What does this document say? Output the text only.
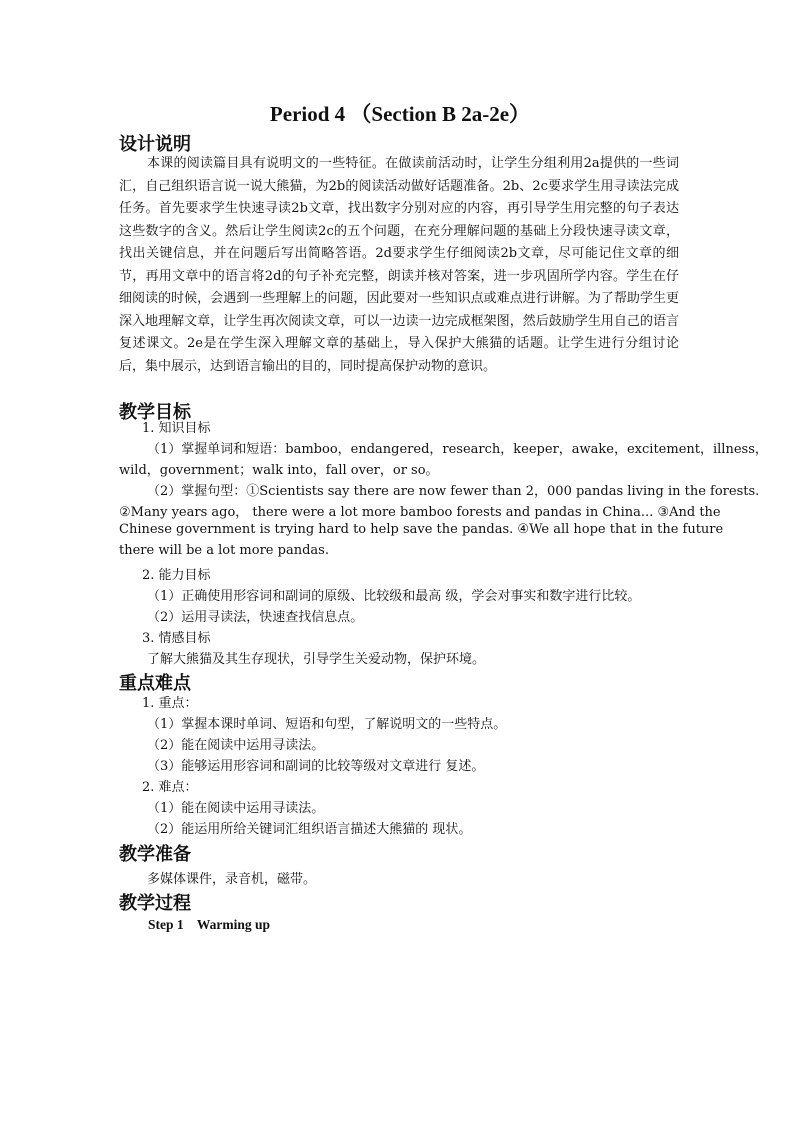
Period 4 （Section B 2a-2e）
设计说明
本课的阅读篇目具有说明文的一些特征。在做读前活动时，让学生分组利用2a提供的一些词汇，自己组织语言说一说大熊猫，为2b的阅读活动做好话题准备。2b、2c要求学生用寻读法完成任务。首先要求学生快速寻读2b文章，找出数字分别对应的内容，再引导学生用完整的句子表达这些数字的含义。然后让学生阅读2c的五个问题，在充分理解问题的基础上分段快速寻读文章，找出关键信息，并在问题后写出简略答语。2d要求学生仔细阅读2b文章，尽可能记住文章的细节，再用文章中的语言将2d的句子补充完整，朗读并核对答案，进一步巩固所学内容。学生在仔细阅读的时候，会遇到一些理解上的问题，因此要对一些知识点或难点进行讲解。为了帮助学生更深入地理解文章，让学生再次阅读文章，可以一边读一边完成框架图，然后鼓励学生用自己的语言复述课文。2e是在学生深入理解文章的基础上，导入保护大熊猫的话题。让学生进行分组讨论后，集中展示，达到语言输出的目的，同时提高保护动物的意识。
教学目标
1. 知识目标
（1）掌握单词和短语：bamboo，endangered，research，keeper，awake，excitement，illness，
wild，government；walk into，fall over，or so。
（2）掌握句型：①Scientists say there are now fewer than 2，000 pandas living in the forests.
②Many years ago， there were a lot more bamboo forests and pandas in China... ③And the
Chinese government is trying hard to help save the pandas. ④We all hope that in the future
there will be a lot more pandas.
2. 能力目标
（1）正确使用形容词和副词的原级、比较级和最高 级，学会对事实和数字进行比较。
（2）运用寻读法，快速查找信息点。
3. 情感目标
了解大熊猫及其生存现状，引导学生关爱动物，保护环境。
重点难点
1. 重点：
（1）掌握本课时单词、短语和句型，了解说明文的一些特点。
（2）能在阅读中运用寻读法。
（3）能够运用形容词和副词的比较等级对文章进行 复述。
2. 难点：
（1）能在阅读中运用寻读法。
（2）能运用所给关键词汇组织语言描述大熊猫的 现状。
教学准备
多媒体课件，录音机，磁带。
教学过程
Step 1    Warming up
